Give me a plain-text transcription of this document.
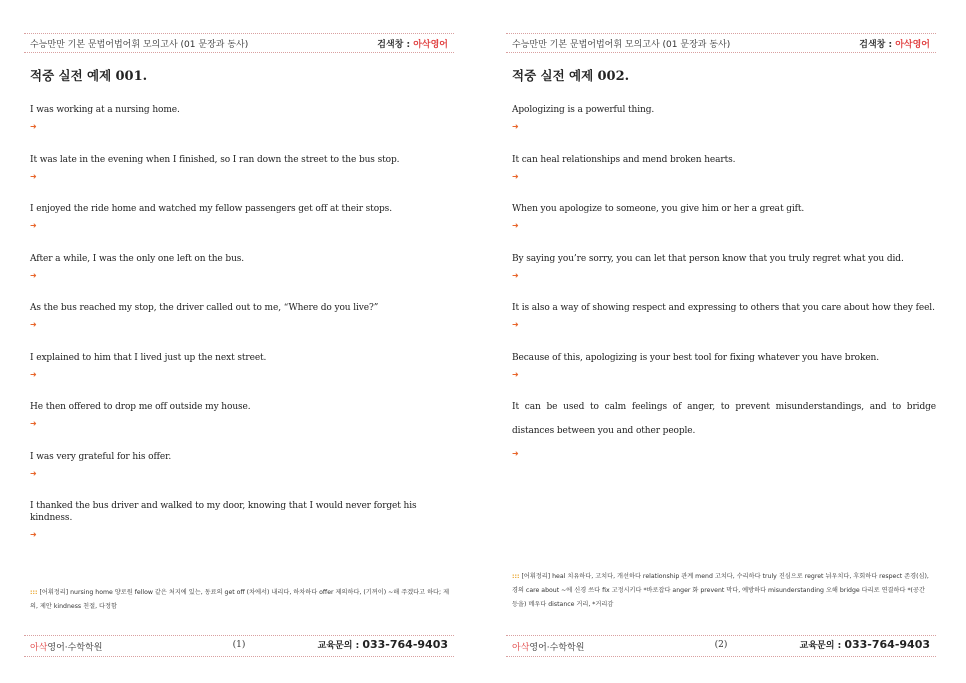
수능만만 기본 문법어법어휘 모의고사 (01 문장과 동사)	검색창 : 아삭영어
적중 실전 예제 001.
I was working at a nursing home.
➜
It was late in the evening when I finished, so I ran down the street to the bus stop.
➜
I enjoyed the ride home and watched my fellow passengers get off at their stops.
➜
After a while, I was the only one left on the bus.
➜
As the bus reached my stop, the driver called out to me, “Where do you live?”
➜
I explained to him that I lived just up the next street.
➜
He then offered to drop me off outside my house.
➜
I was very grateful for his offer.
➜
I thanked the bus driver and walked to my door, knowing that I would never forget his kindness.
➜
::: [어휘정리] nursing home 양로원 fellow 같은 처지에 있는, 동료의 get off (차에서) 내리다, 하차하다 offer 제의하다, (기꺼이) ~해 주겠다고 하다; 제의, 제안 kindness 친절, 다정함
아삭영어·수학학원	(1)	교육문의 : 033-764-9403
수능만만 기본 문법어법어휘 모의고사 (01 문장과 동사)	검색창 : 아삭영어
적중 실전 예제 002.
Apologizing is a powerful thing.
➜
It can heal relationships and mend broken hearts.
➜
When you apologize to someone, you give him or her a great gift.
➜
By saying you’re sorry, you can let that person know that you truly regret what you did.
➜
It is also a way of showing respect and expressing to others that you care about how they feel.
➜
Because of this, apologizing is your best tool for fixing whatever you have broken.
➜
It can be used to calm feelings of anger, to prevent misunderstandings, and to bridge distances between you and other people.
➜
::: [어휘정리] heal 치유하다, 고치다, 개선하다 relationship 관계 mend 고치다, 수리하다 truly 진심으로 regret 뉘우치다, 후회하다 respect 존경(심), 경의 care about ~에 신경 쓰다 fix 고정시키다 *바로잡다 anger 화 prevent 막다, 예방하다 misunderstanding 오해 bridge 다리로 연결하다 *(공간 등을) 메우다 distance 거리, *거리감
아삭영어·수학학원	(2)	교육문의 : 033-764-9403
